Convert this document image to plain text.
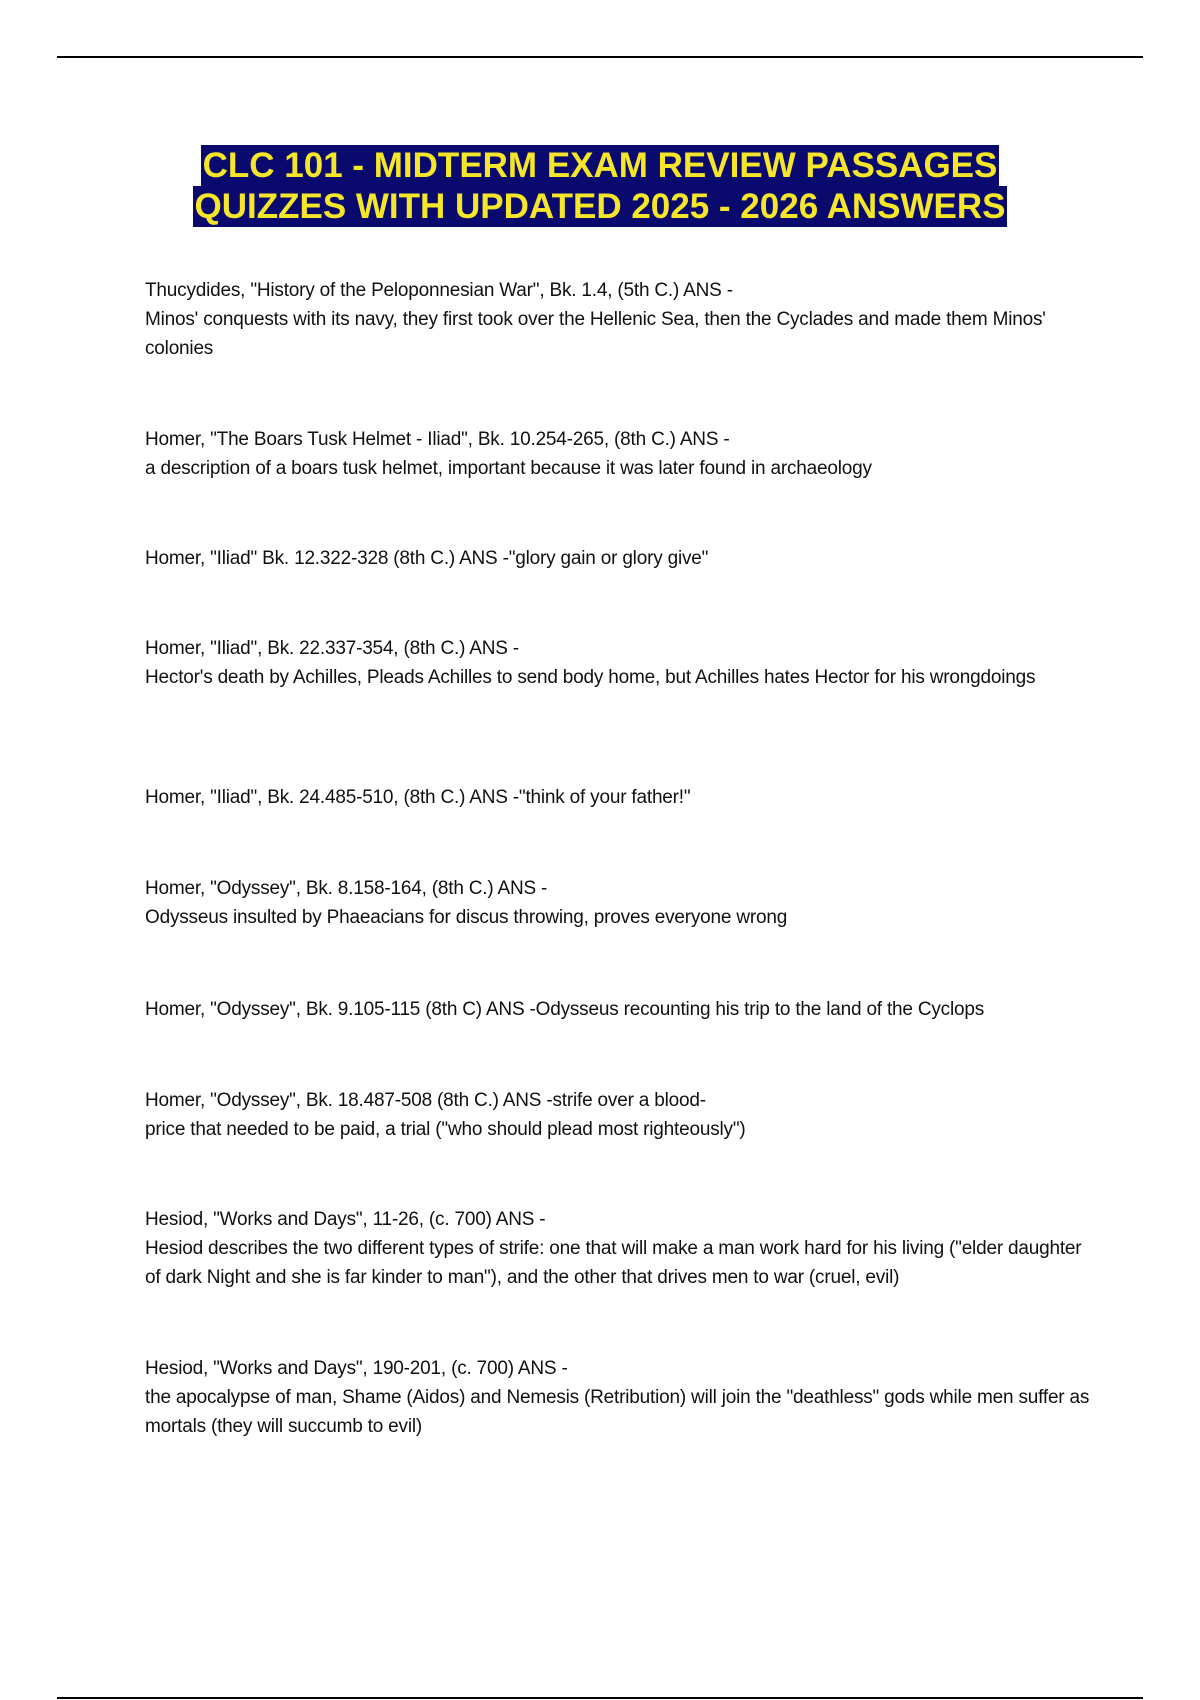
CLC 101 - MIDTERM EXAM REVIEW PASSAGES
QUIZZES WITH UPDATED 2025 - 2026 ANSWERS
Thucydides, "History of the Peloponnesian War", Bk. 1.4, (5th C.) ANS -
Minos' conquests with its navy, they first took over the Hellenic Sea, then the Cyclades and made them Minos' colonies
Homer, "The Boars Tusk Helmet - Iliad", Bk. 10.254-265, (8th C.) ANS -
a description of a boars tusk helmet, important because it was later found in archaeology
Homer, "Iliad" Bk. 12.322-328 (8th C.) ANS -"glory gain or glory give"
Homer, "Iliad", Bk. 22.337-354, (8th C.) ANS -
Hector's death by Achilles, Pleads Achilles to send body home, but Achilles hates Hector for his wrongdoings
Homer, "Iliad", Bk. 24.485-510, (8th C.) ANS -"think of your father!"
Homer, "Odyssey", Bk. 8.158-164, (8th C.) ANS -
Odysseus insulted by Phaeacians for discus throwing, proves everyone wrong
Homer, "Odyssey", Bk. 9.105-115 (8th C) ANS -Odysseus recounting his trip to the land of the Cyclops
Homer, "Odyssey", Bk. 18.487-508 (8th C.) ANS -strife over a blood-
price that needed to be paid, a trial ("who should plead most righteously")
Hesiod, "Works and Days", 11-26, (c. 700) ANS -
Hesiod describes the two different types of strife: one that will make a man work hard for his living ("elder daughter of dark Night and she is far kinder to man"), and the other that drives men to war (cruel, evil)
Hesiod, "Works and Days", 190-201, (c. 700) ANS -
the apocalypse of man, Shame (Aidos) and Nemesis (Retribution) will join the "deathless" gods while men suffer as mortals (they will succumb to evil)
